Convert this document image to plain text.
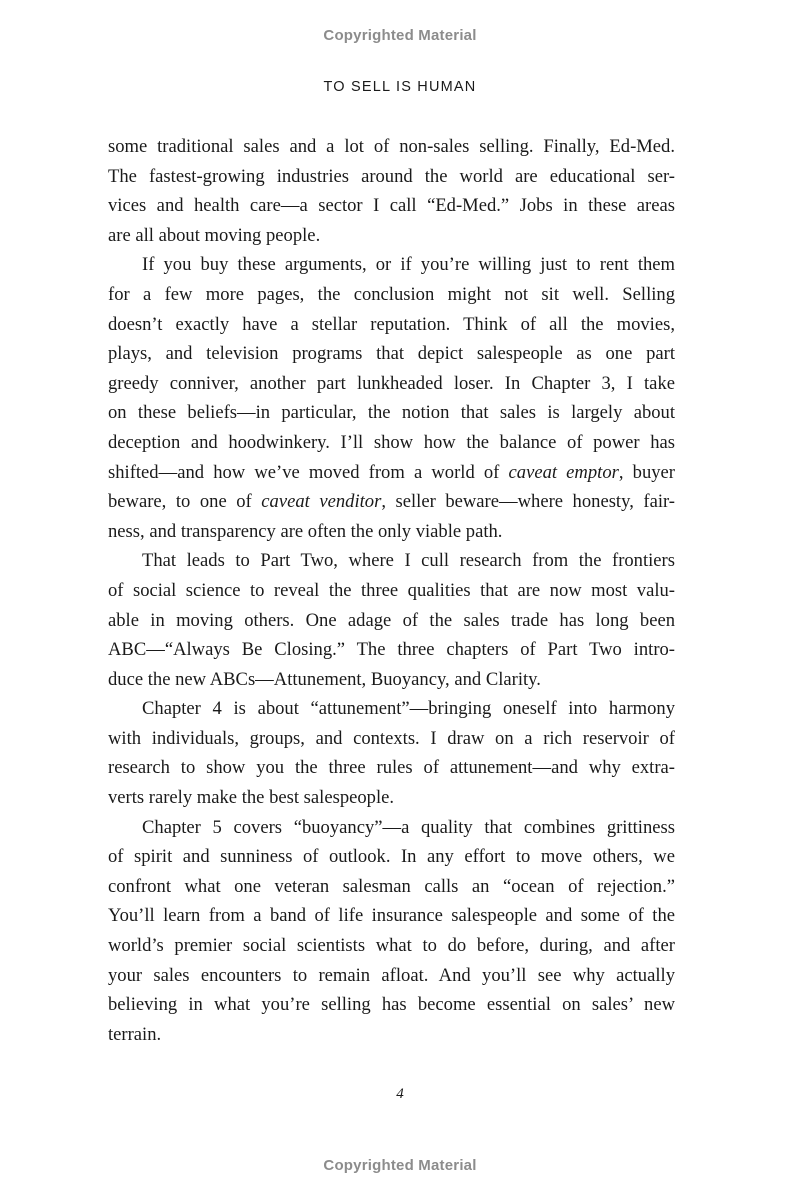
Copyrighted Material
TO SELL IS HUMAN

some traditional sales and a lot of non-sales selling. Finally, Ed-Med.
The fastest-growing industries around the world are educational ser-
vices and health care—a sector I call “Ed-Med.” Jobs in these areas
are all about moving people.

If you buy these arguments, or if you’re willing just to rent them
for a few more pages, the conclusion might not sit well. Selling
doesn’t exactly have a stellar reputation. Think of all the movies,
plays, and television programs that depict salespeople as one part
greedy conniver, another part lunkheaded loser. In Chapter 3, I take
on these beliefs—in particular, the notion that sales is largely about
deception and hoodwinkery. I’ll show how the balance of power has
shifted—and how we’ve moved from a world of caveat emptor, buyer
beware, to one of caveat venditor, seller beware—where honesty, fair-
ness, and transparency are often the only viable path.

That leads to Part Two, where I cull research from the frontiers
of social science to reveal the three qualities that are now most valu-
able in moving others. One adage of the sales trade has long been
ABC—“Always Be Closing.” The three chapters of Part Two intro-
duce the new ABCs—Attunement, Buoyancy, and Clarity.

Chapter 4 is about “attunement”—bringing oneself into harmony
with individuals, groups, and contexts. I draw on a rich reservoir of
research to show you the three rules of attunement—and why extra-
verts rarely make the best salespeople.

Chapter 5 covers “buoyancy”—a quality that combines grittiness
of spirit and sunniness of outlook. In any effort to move others, we
confront what one veteran salesman calls an “ocean of rejection.”
You’ll learn from a band of life insurance salespeople and some of the
world’s premier social scientists what to do before, during, and after
your sales encounters to remain afloat. And you’ll see why actually
believing in what you’re selling has become essential on sales’ new
terrain.

4
Copyrighted Material
